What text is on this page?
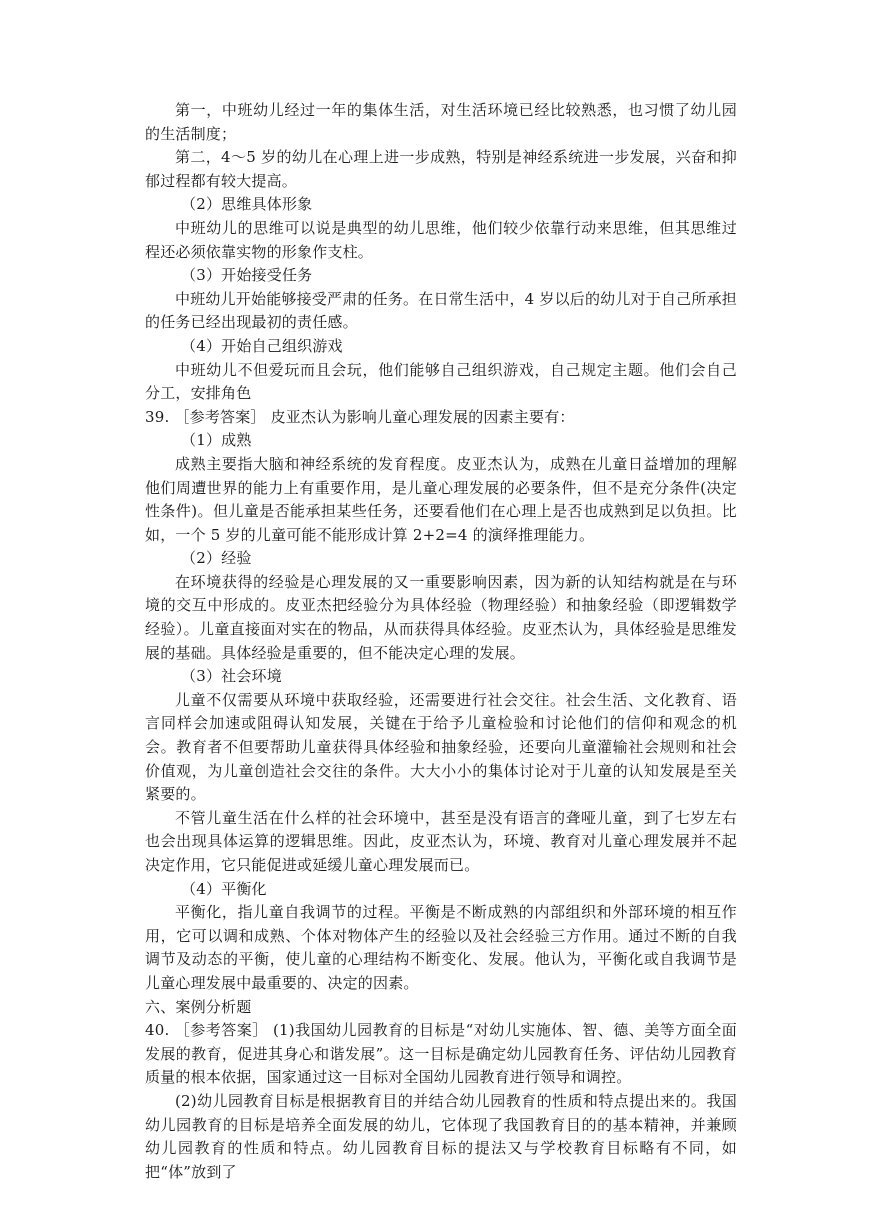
第一，中班幼儿经过一年的集体生活，对生活环境已经比较熟悉，也习惯了幼儿园的生活制度；

第二，4～5 岁的幼儿在心理上进一步成熟，特别是神经系统进一步发展，兴奋和抑郁过程都有较大提高。

（2）思维具体形象

中班幼儿的思维可以说是典型的幼儿思维，他们较少依靠行动来思维，但其思维过程还必须依靠实物的形象作支柱。

（3）开始接受任务

中班幼儿开始能够接受严肃的任务。在日常生活中，4 岁以后的幼儿对于自己所承担的任务已经出现最初的责任感。

（4）开始自己组织游戏

中班幼儿不但爱玩而且会玩，他们能够自己组织游戏，自己规定主题。他们会自己分工，安排角色

39. ［参考答案］ 皮亚杰认为影响儿童心理发展的因素主要有：

（1）成熟

成熟主要指大脑和神经系统的发育程度。皮亚杰认为，成熟在儿童日益增加的理解他们周遭世界的能力上有重要作用，是儿童心理发展的必要条件，但不是充分条件(决定性条件)。但儿童是否能承担某些任务，还要看他们在心理上是否也成熟到足以负担。比如，一个 5 岁的儿童可能不能形成计算 2+2=4 的演绎推理能力。

（2）经验

在环境获得的经验是心理发展的又一重要影响因素，因为新的认知结构就是在与环境的交互中形成的。皮亚杰把经验分为具体经验（物理经验）和抽象经验（即逻辑数学经验）。儿童直接面对实在的物品，从而获得具体经验。皮亚杰认为，具体经验是思维发展的基础。具体经验是重要的，但不能决定心理的发展。

（3）社会环境

儿童不仅需要从环境中获取经验，还需要进行社会交往。社会生活、文化教育、语言同样会加速或阻碍认知发展，关键在于给予儿童检验和讨论他们的信仰和观念的机会。教育者不但要帮助儿童获得具体经验和抽象经验，还要向儿童灌输社会规则和社会价值观，为儿童创造社会交往的条件。大大小小的集体讨论对于儿童的认知发展是至关紧要的。

不管儿童生活在什么样的社会环境中，甚至是没有语言的聋哑儿童，到了七岁左右也会出现具体运算的逻辑思维。因此，皮亚杰认为，环境、教育对儿童心理发展并不起决定作用，它只能促进或延缓儿童心理发展而已。

（4）平衡化

平衡化，指儿童自我调节的过程。平衡是不断成熟的内部组织和外部环境的相互作用，它可以调和成熟、个体对物体产生的经验以及社会经验三方作用。通过不断的自我调节及动态的平衡，使儿童的心理结构不断变化、发展。他认为，平衡化或自我调节是儿童心理发展中最重要的、决定的因素。

六、案例分析题

40. ［参考答案］ (1)我国幼儿园教育的目标是“对幼儿实施体、智、德、美等方面全面发展的教育，促进其身心和谐发展”。这一目标是确定幼儿园教育任务、评估幼儿园教育质量的根本依据，国家通过这一目标对全国幼儿园教育进行领导和调控。

(2)幼儿园教育目标是根据教育目的并结合幼儿园教育的性质和特点提出来的。我国幼儿园教育的目标是培养全面发展的幼儿，它体现了我国教育目的的基本精神，并兼顾幼儿园教育的性质和特点。幼儿园教育目标的提法又与学校教育目标略有不同，如把“体”放到了
